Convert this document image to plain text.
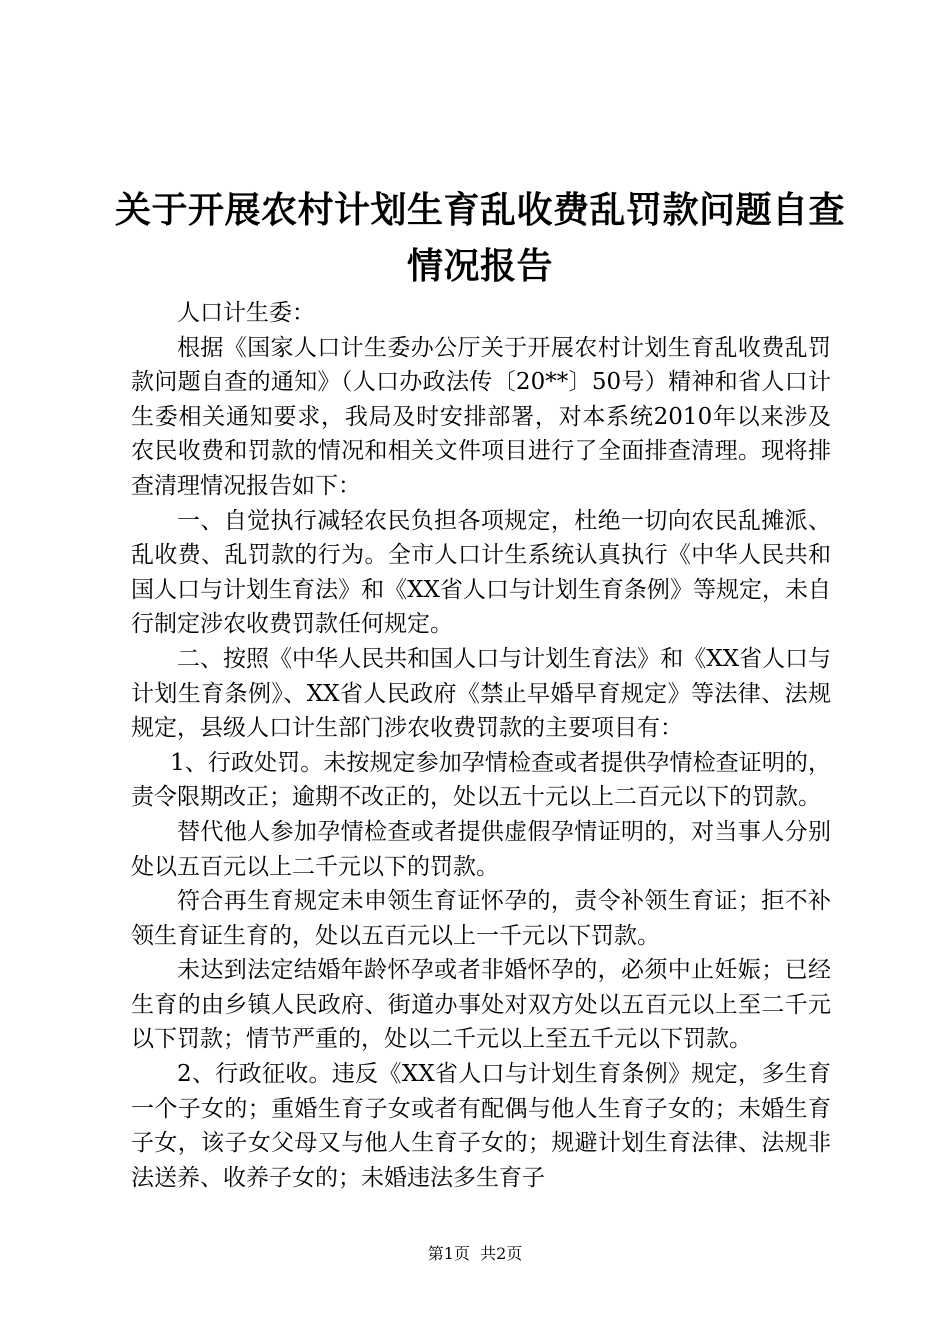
关于开展农村计划生育乱收费乱罚款问题自查
情况报告

人口计生委：

根据《国家人口计生委办公厅关于开展农村计划生育乱收费乱罚款问题自查的通知》（人口办政法传〔20**〕50号）精神和省人口计生委相关通知要求，我局及时安排部署，对本系统2010年以来涉及农民收费和罚款的情况和相关文件项目进行了全面排查清理。现将排查清理情况报告如下：

一、自觉执行减轻农民负担各项规定，杜绝一切向农民乱摊派、乱收费、乱罚款的行为。全市人口计生系统认真执行《中华人民共和国人口与计划生育法》和《XX省人口与计划生育条例》等规定，未自行制定涉农收费罚款任何规定。

二、按照《中华人民共和国人口与计划生育法》和《XX省人口与计划生育条例》、XX省人民政府《禁止早婚早育规定》等法律、法规规定，县级人口计生部门涉农收费罚款的主要项目有：

1、行政处罚。未按规定参加孕情检查或者提供孕情检查证明的，责令限期改正；逾期不改正的，处以五十元以上二百元以下的罚款。

替代他人参加孕情检查或者提供虚假孕情证明的，对当事人分别处以五百元以上二千元以下的罚款。

符合再生育规定未申领生育证怀孕的，责令补领生育证；拒不补领生育证生育的，处以五百元以上一千元以下罚款。

未达到法定结婚年龄怀孕或者非婚怀孕的，必须中止妊娠；已经生育的由乡镇人民政府、街道办事处对双方处以五百元以上至二千元以下罚款；情节严重的，处以二千元以上至五千元以下罚款。

2、行政征收。违反《XX省人口与计划生育条例》规定，多生育一个子女的；重婚生育子女或者有配偶与他人生育子女的；未婚生育子女，该子女父母又与他人生育子女的；规避计划生育法律、法规非法送养、收养子女的；未婚违法多生育子

第1页  共2页
